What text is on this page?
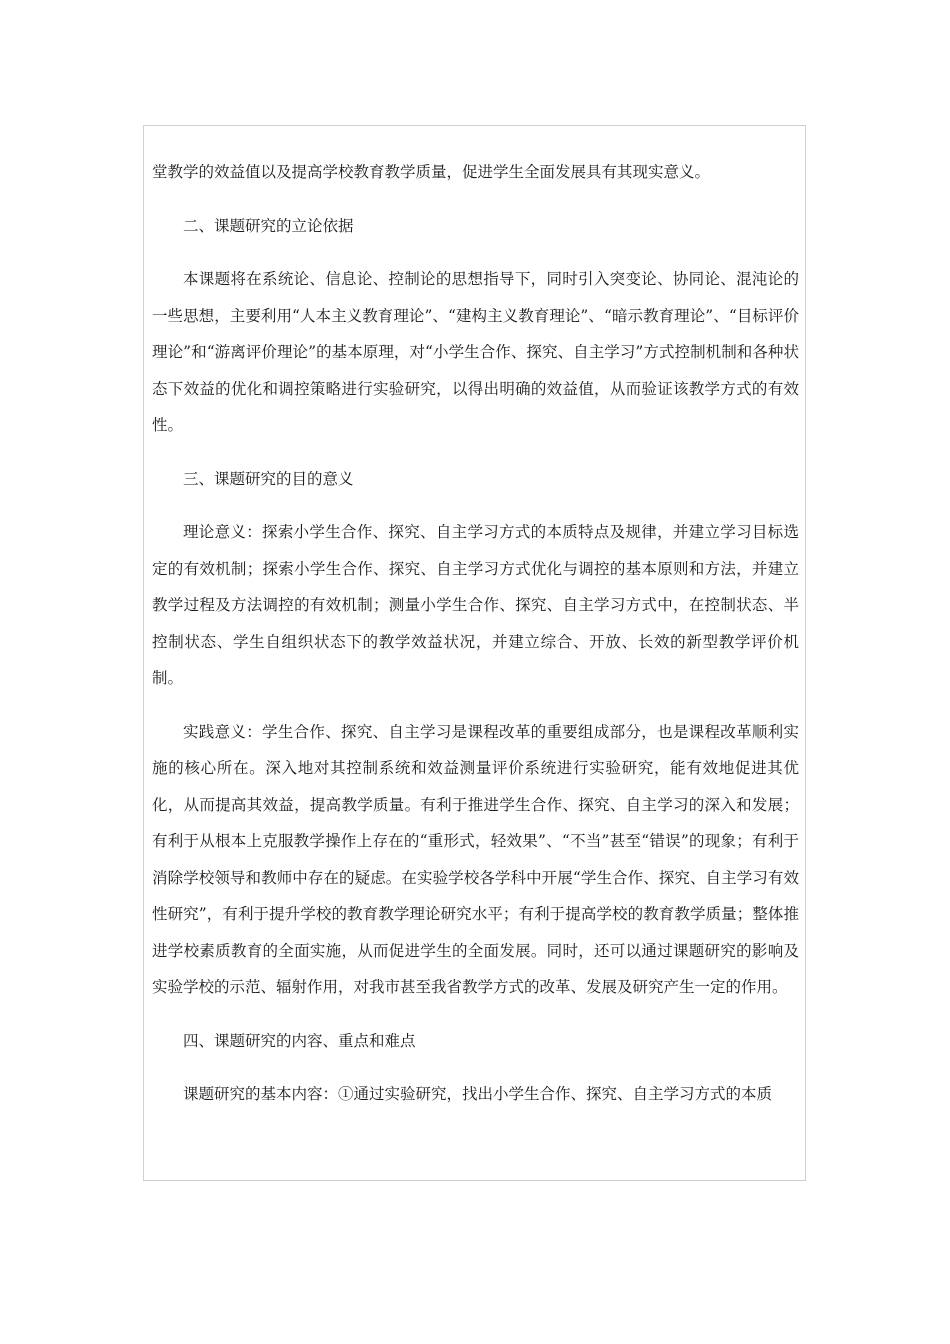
堂教学的效益值以及提高学校教育教学质量，促进学生全面发展具有其现实意义。

二、课题研究的立论依据

本课题将在系统论、信息论、控制论的思想指导下，同时引入突变论、协同论、混沌论的一些思想，主要利用“人本主义教育理论”、“建构主义教育理论”、“暗示教育理论”、“目标评价理论”和“游离评价理论”的基本原理，对“小学生合作、探究、自主学习”方式控制机制和各种状态下效益的优化和调控策略进行实验研究，以得出明确的效益值，从而验证该教学方式的有效性。

三、课题研究的目的意义

理论意义：探索小学生合作、探究、自主学习方式的本质特点及规律，并建立学习目标选定的有效机制；探索小学生合作、探究、自主学习方式优化与调控的基本原则和方法，并建立教学过程及方法调控的有效机制；测量小学生合作、探究、自主学习方式中，在控制状态、半控制状态、学生自组织状态下的教学效益状况，并建立综合、开放、长效的新型教学评价机制。

实践意义：学生合作、探究、自主学习是课程改革的重要组成部分，也是课程改革顺利实施的核心所在。深入地对其控制系统和效益测量评价系统进行实验研究，能有效地促进其优化，从而提高其效益，提高教学质量。有利于推进学生合作、探究、自主学习的深入和发展；有利于从根本上克服教学操作上存在的“重形式，轻效果”、“不当”甚至“错误”的现象；有利于消除学校领导和教师中存在的疑虑。在实验学校各学科中开展“学生合作、探究、自主学习有效性研究”，有利于提升学校的教育教学理论研究水平；有利于提高学校的教育教学质量；整体推进学校素质教育的全面实施，从而促进学生的全面发展。同时，还可以通过课题研究的影响及实验学校的示范、辐射作用，对我市甚至我省教学方式的改革、发展及研究产生一定的作用。

四、课题研究的内容、重点和难点

课题研究的基本内容：①通过实验研究，找出小学生合作、探究、自主学习方式的本质
